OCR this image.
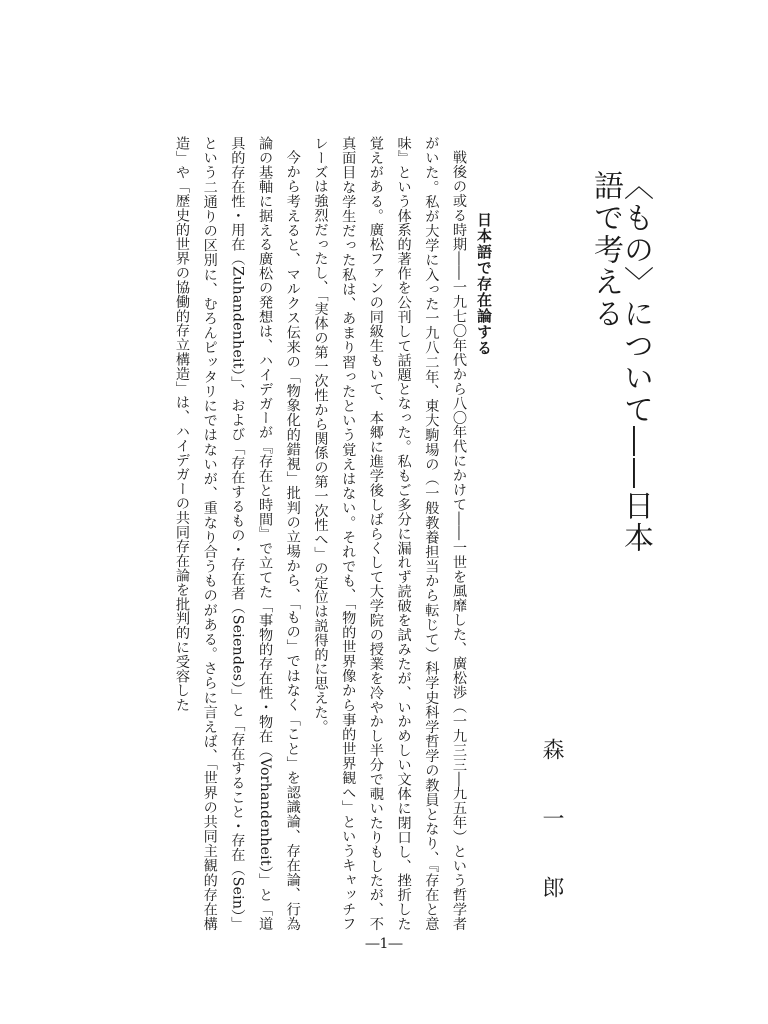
〈もの〉について――日本語で考える
森
一
郎
日本語で存在論する

戦後の或る時期――一九七〇年代から八〇年代にかけて――一世を風靡した、廣松渉（一九三三―九五年）という哲学者がいた。私が大学に入った一九八二年、東大駒場の（一般教養担当から転じて）科学史科学哲学の教員となり、『存在と意味』という体系的著作を公刊して話題となった。私もご多分に漏れず読破を試みたが、いかめしい文体に閉口し、挫折した覚えがある。廣松ファンの同級生もいて、本郷に進学後しばらくして大学院の授業を冷やかし半分で覗いたりもしたが、不真面目な学生だった私は、あまり習ったという覚えはない。それでも、「物的世界像から事的世界観へ」というキャッチフレーズは強烈だったし、「実体の第一次性から関係の第一次性へ」の定位は説得的に思えた。

今から考えると、マルクス伝来の「物象化的錯視」批判の立場から、「もの」ではなく「こと」を認識論、存在論、行為論の基軸に据える廣松の発想は、ハイデガーが『存在と時間』で立てた「事物的存在性・物在（Vorhandenheit）」と「道具的存在性・用在（Zuhandenheit）」、および「存在するもの・存在者（Seiendes）」と「存在すること・存在（Sein）」という二通りの区別に、むろんピッタリにではないが、重なり合うものがある。さらに言えば、「世界の共同主観的存在構造」や「歴史的世界の協働的存立構造」は、ハイデガーの共同存在論を批判的に受容した

―1―
